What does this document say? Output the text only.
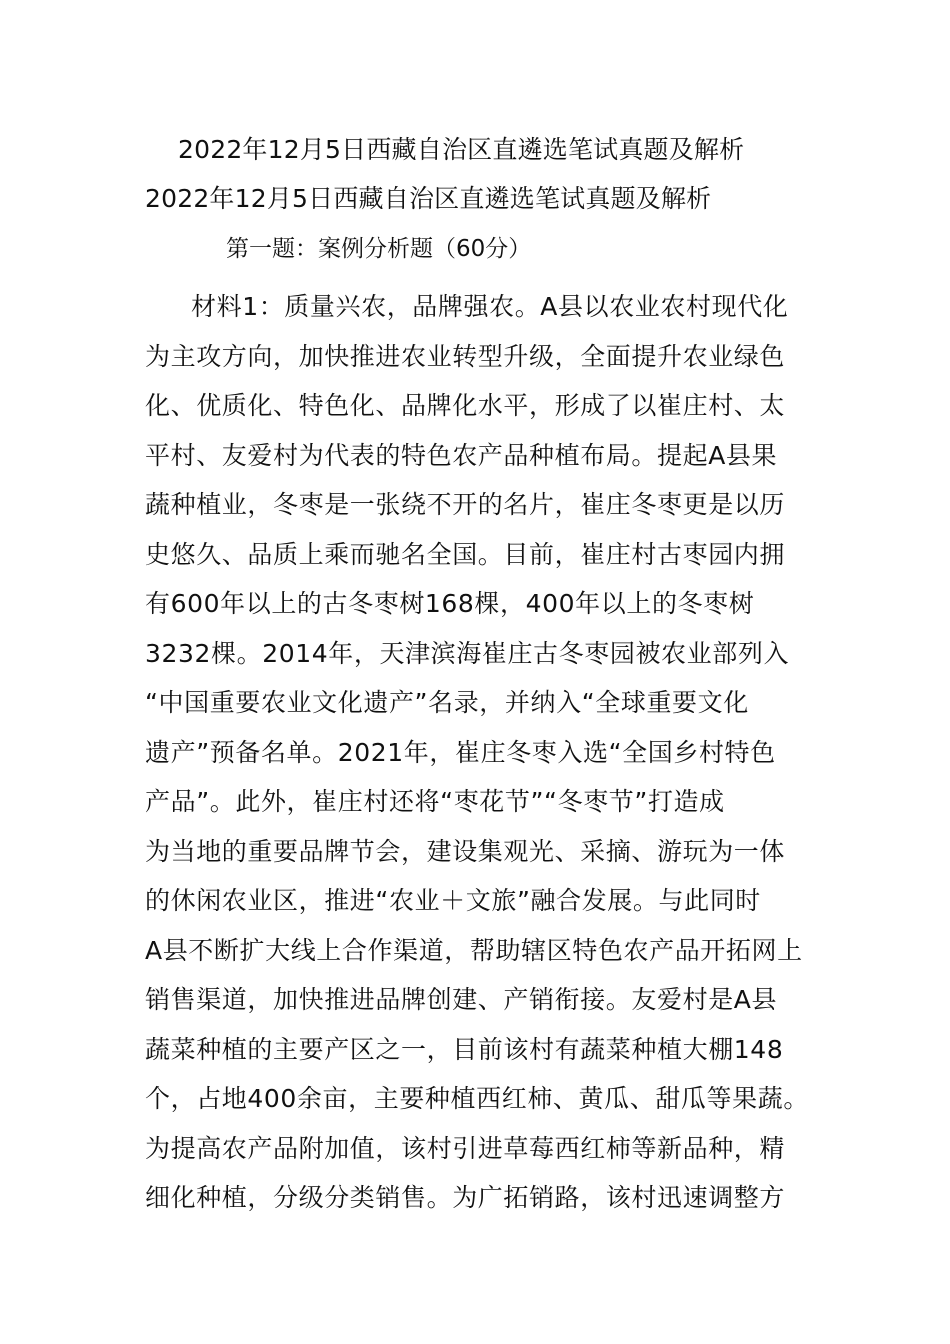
2022年12月5日西藏自治区直遴选笔试真题及解析
2022年12月5日西藏自治区直遴选笔试真题及解析
第一题：案例分析题（60分）
材料1：质量兴农，品牌强农。A县以农业农村现代化
为主攻方向，加快推进农业转型升级，全面提升农业绿色
化、优质化、特色化、品牌化水平，形成了以崔庄村、太
平村、友爱村为代表的特色农产品种植布局。提起A县果
蔬种植业，冬枣是一张绕不开的名片，崔庄冬枣更是以历
史悠久、品质上乘而驰名全国。目前，崔庄村古枣园内拥
有600年以上的古冬枣树168棵，400年以上的冬枣树
3232棵。2014年，天津滨海崔庄古冬枣园被农业部列入
“中国重要农业文化遗产”名录，并纳入“全球重要文化
遗产”预备名单。2021年，崔庄冬枣入选“全国乡村特色
产品”。此外，崔庄村还将“枣花节”“冬枣节”打造成
为当地的重要品牌节会，建设集观光、采摘、游玩为一体
的休闲农业区，推进“农业＋文旅”融合发展。与此同时
A县不断扩大线上合作渠道，帮助辖区特色农产品开拓网上
销售渠道，加快推进品牌创建、产销衔接。友爱村是A县
蔬菜种植的主要产区之一，目前该村有蔬菜种植大棚148
个，占地400余亩，主要种植西红柿、黄瓜、甜瓜等果蔬。
为提高农产品附加值，该村引进草莓西红柿等新品种，精
细化种植，分级分类销售。为广拓销路，该村迅速调整方
